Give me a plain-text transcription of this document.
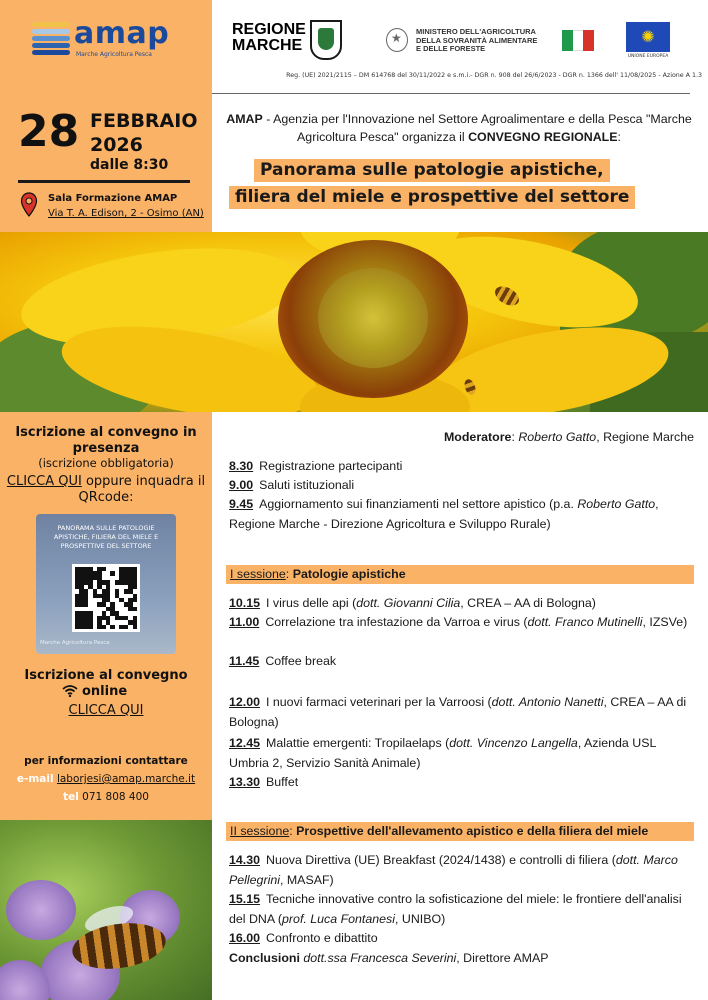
amap
Marche Agricoltura Pesca
REGIONE
MARCHE
★
MINISTERO DELL'AGRICOLTURA
DELLA SOVRANITÀ ALIMENTARE
E DELLE FORESTE
✺
UNIONE EUROPEA
Reg. (UE) 2021/2115 – DM 614768 del 30/11/2022 e s.m.i.- DGR n. 908 del 26/6/2023 - DGR n. 1366 dell' 11/08/2025 - Azione A 1.3
28 FEBBRAIO
2026
dalle 8:30
Sala Formazione AMAP
Via T. A. Edison, 2 - Osimo (AN)
AMAP - Agenzia per l'Innovazione nel Settore Agroalimentare e della Pesca "Marche Agricoltura Pesca" organizza il CONVEGNO REGIONALE:
Panorama sulle patologie apistiche,
filiera del miele e prospettive del settore
Iscrizione al convegno in presenza
(iscrizione obbligatoria)
CLICCA QUI oppure inquadra il QRcode:
PANORAMA SULLE PATOLOGIE APISTICHE, FILIERA DEL MIELE E PROSPETTIVE DEL SETTORE
Marche Agricoltura Pesca
Iscrizione al convegno
online
CLICCA QUI
per informazioni contattare
e-mail laborjesi@amap.marche.it
tel 071 808 400
Moderatore: Roberto Gatto, Regione Marche
8.30 Registrazione partecipanti
9.00 Saluti istituzionali
9.45 Aggiornamento sui finanziamenti nel settore apistico (p.a. Roberto Gatto, Regione Marche - Direzione Agricoltura e Sviluppo Rurale)
I sessione: Patologie apistiche
10.15 I virus delle api (dott. Giovanni Cilia, CREA – AA di Bologna)
11.00 Correlazione tra infestazione da Varroa e virus (dott. Franco Mutinelli, IZSVe)
11.45 Coffee break
12.00 I nuovi farmaci veterinari per la Varroosi (dott. Antonio Nanetti, CREA – AA di Bologna)
12.45 Malattie emergenti: Tropilaelaps (dott. Vincenzo Langella, Azienda USL Umbria 2, Servizio Sanità Animale)
13.30 Buffet
II sessione: Prospettive dell'allevamento apistico e della filiera del miele
14.30 Nuova Direttiva (UE) Breakfast (2024/1438) e controlli di filiera (dott. Marco Pellegrini, MASAF)
15.15 Tecniche innovative contro la sofisticazione del miele: le frontiere dell'analisi del DNA (prof. Luca Fontanesi, UNIBO)
16.00 Confronto e dibattito
Conclusioni dott.ssa Francesca Severini, Direttore AMAP
